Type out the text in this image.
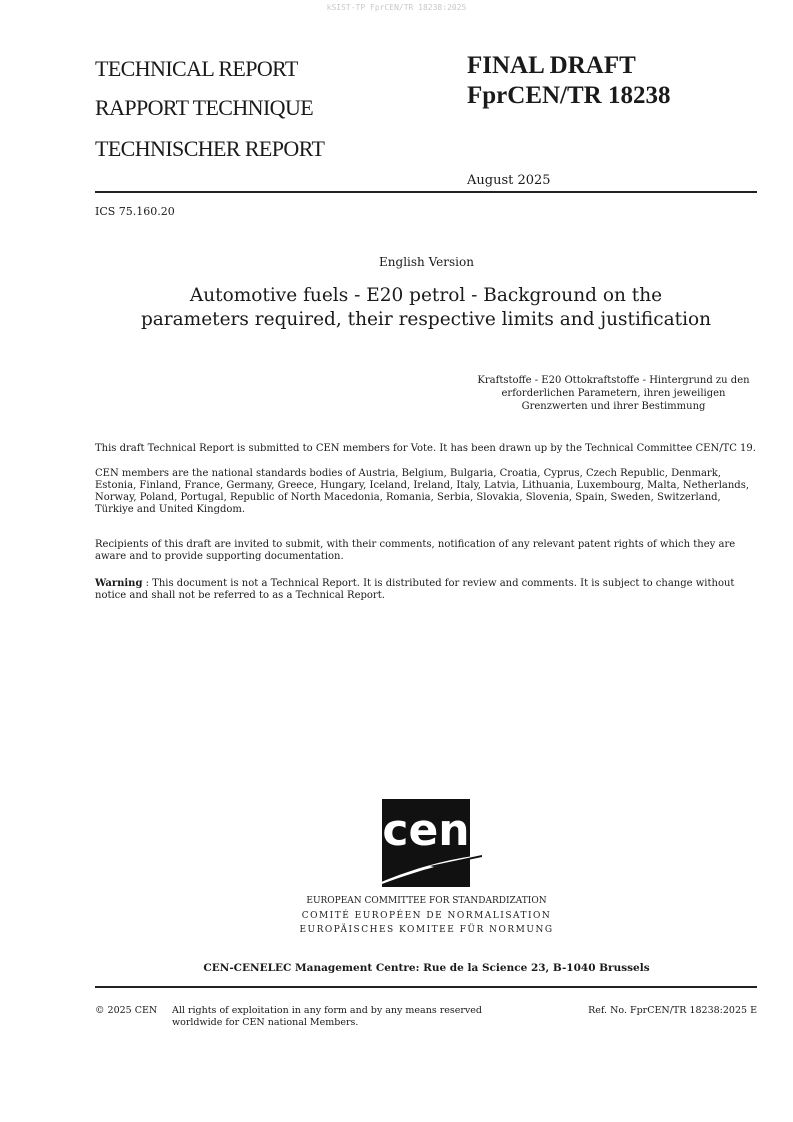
kSIST-TP FprCEN/TR 18238:2025
TECHNICAL REPORT
RAPPORT TECHNIQUE
TECHNISCHER REPORT
FINAL DRAFT
FprCEN/TR 18238
August 2025
ICS 75.160.20
English Version
Automotive fuels - E20 petrol - Background on the parameters required, their respective limits and justification
Kraftstoffe - E20 Ottokraftstoffe - Hintergrund zu den erforderlichen Parametern, ihren jeweiligen Grenzwerten und ihrer Bestimmung
This draft Technical Report is submitted to CEN members for Vote. It has been drawn up by the Technical Committee CEN/TC 19.
CEN members are the national standards bodies of Austria, Belgium, Bulgaria, Croatia, Cyprus, Czech Republic, Denmark, Estonia, Finland, France, Germany, Greece, Hungary, Iceland, Ireland, Italy, Latvia, Lithuania, Luxembourg, Malta, Netherlands, Norway, Poland, Portugal, Republic of North Macedonia, Romania, Serbia, Slovakia, Slovenia, Spain, Sweden, Switzerland, Türkiye and United Kingdom.
Recipients of this draft are invited to submit, with their comments, notification of any relevant patent rights of which they are aware and to provide supporting documentation.
Warning : This document is not a Technical Report. It is distributed for review and comments. It is subject to change without notice and shall not be referred to as a Technical Report.
cen
EUROPEAN COMMITTEE FOR STANDARDIZATION
COMITÉ EUROPÉEN DE NORMALISATION
EUROPÄISCHES KOMITEE FÜR NORMUNG
CEN-CENELEC Management Centre: Rue de la Science 23, B-1040 Brussels
© 2025 CEN All rights of exploitation in any form and by any means reserved worldwide for CEN national Members.
Ref. No. FprCEN/TR 18238:2025 E
